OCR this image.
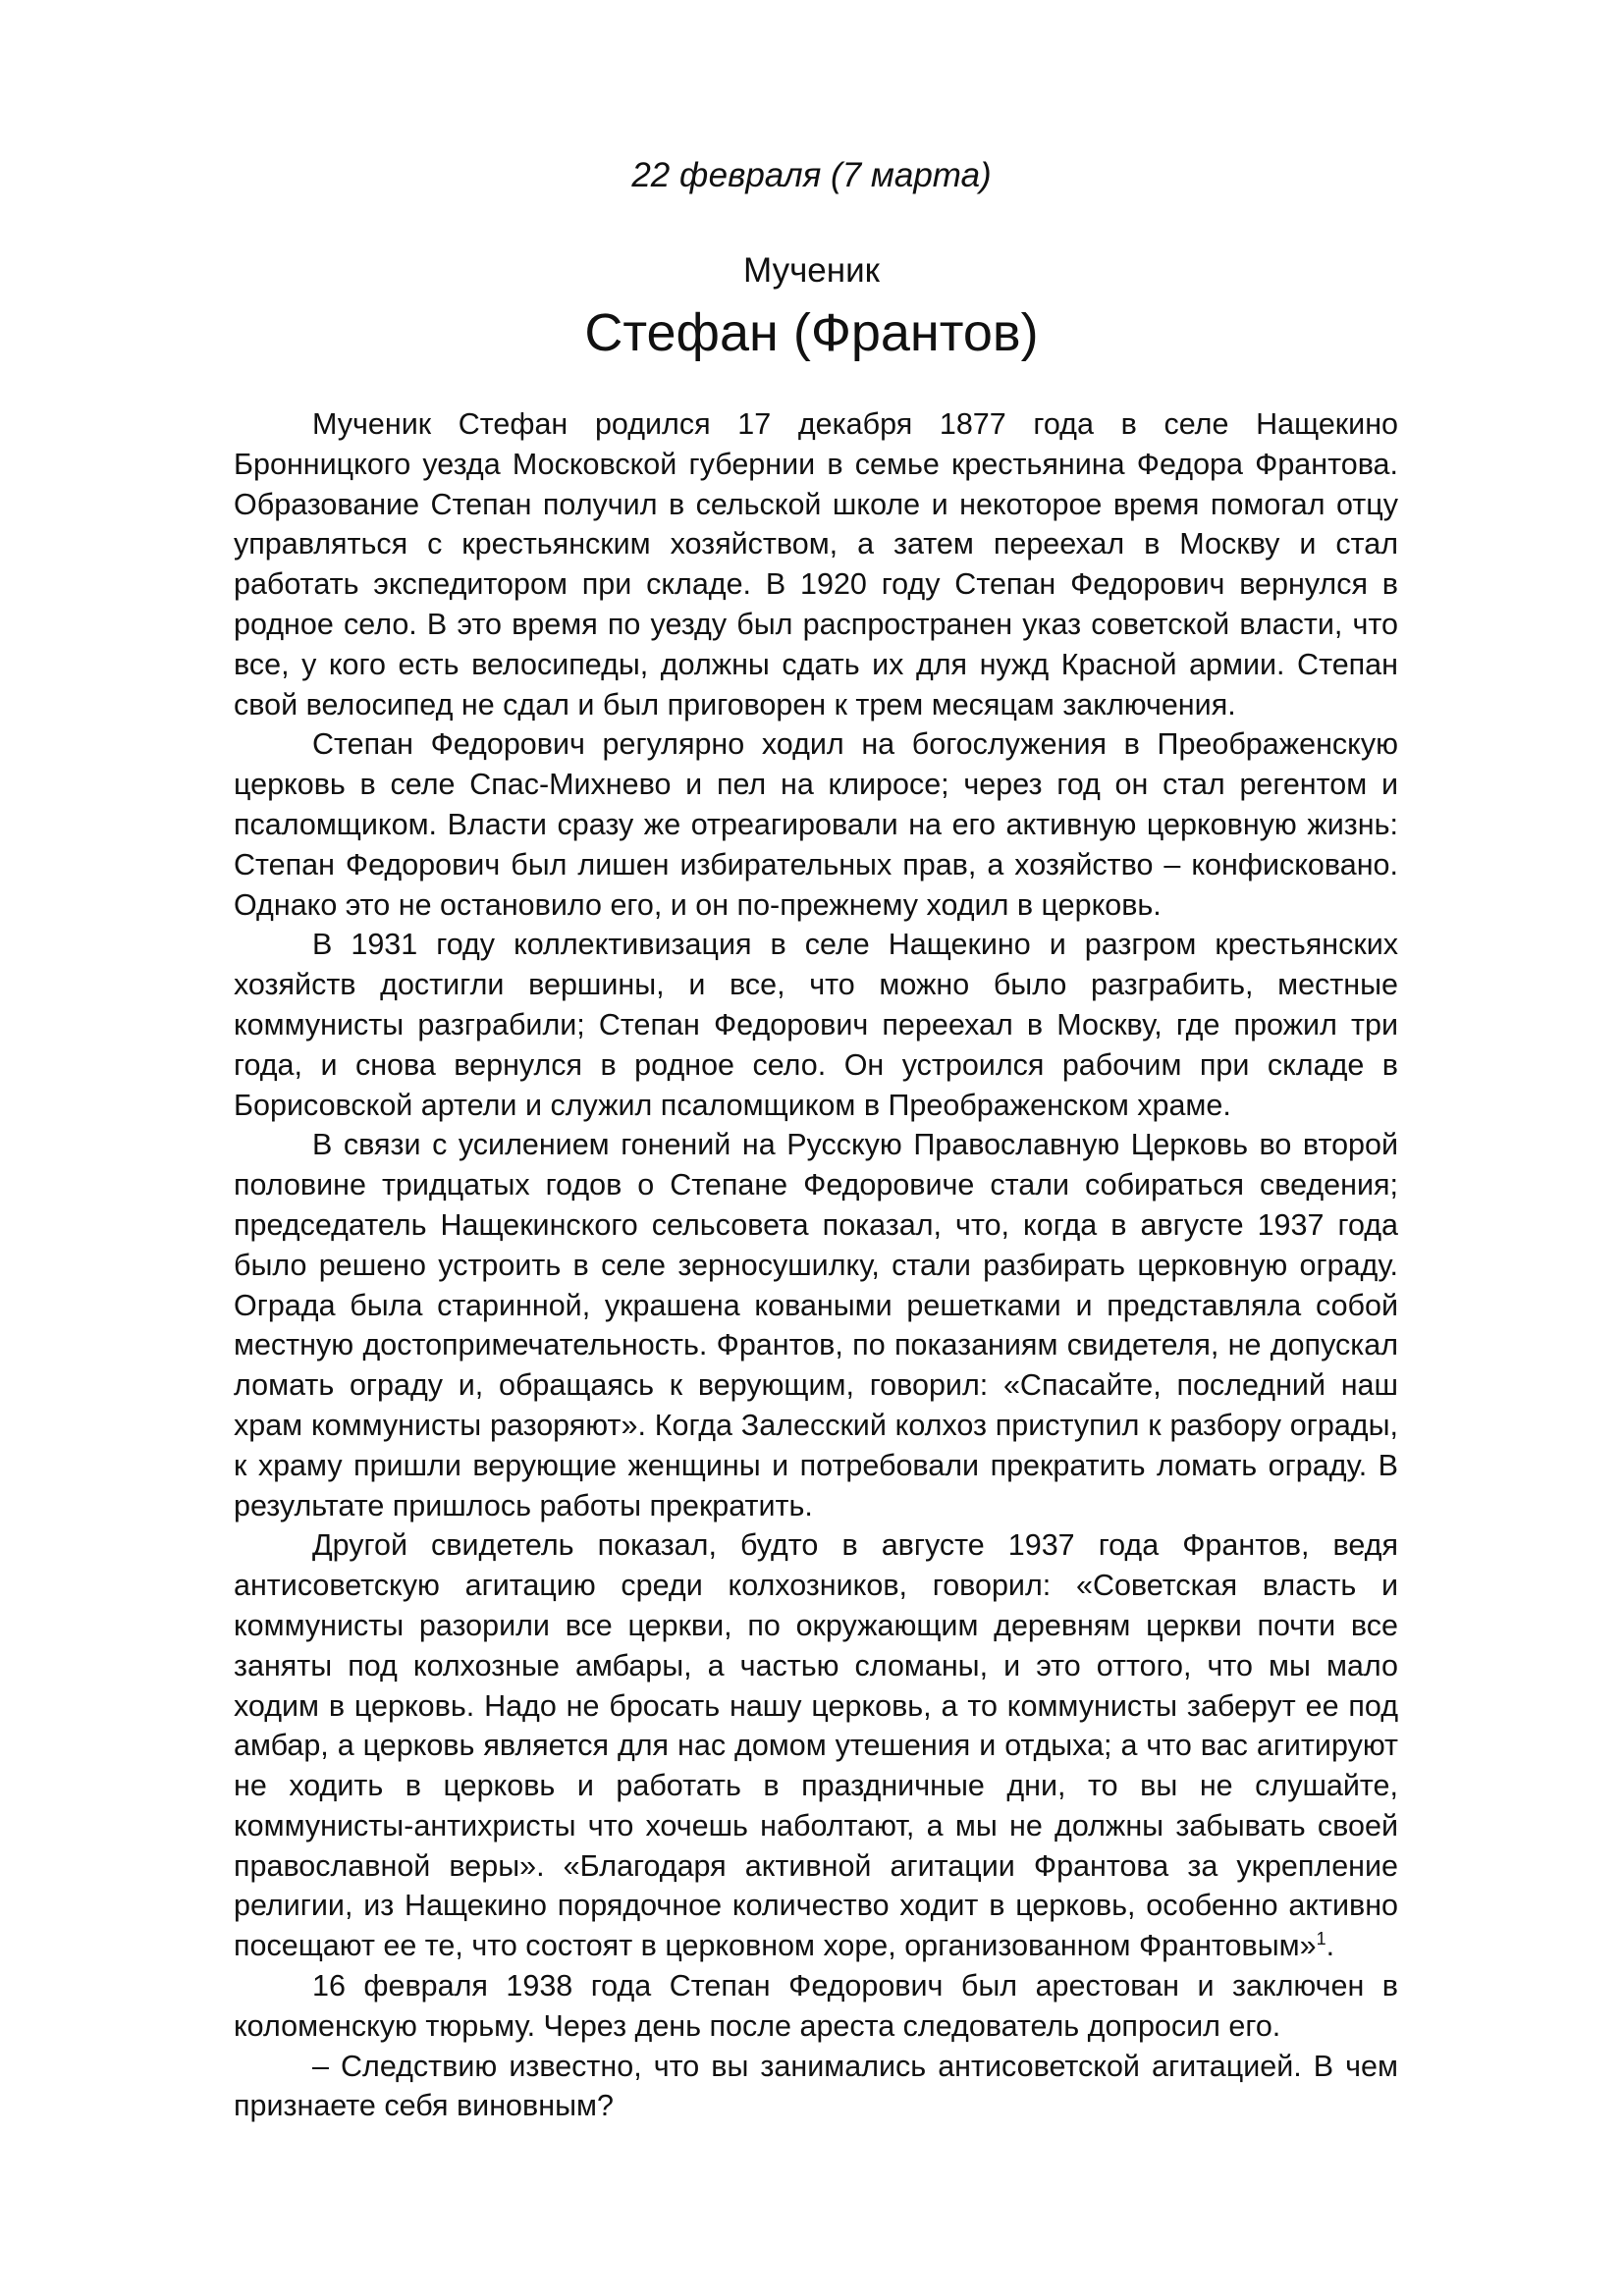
22 февраля (7 марта)
Мученик
Стефан (Франтов)

Мученик Стефан родился 17 декабря 1877 года в селе Нащекино Бронницкого уезда Московской губернии в семье крестьянина Федора Франтова. Образование Степан получил в сельской школе и некоторое время помогал отцу управляться с крестьянским хозяйством, а затем переехал в Москву и стал работать экспедитором при складе. В 1920 году Степан Федорович вернулся в родное село. В это время по уезду был распространен указ советской власти, что все, у кого есть велосипеды, должны сдать их для нужд Красной армии. Степан свой велосипед не сдал и был приговорен к трем месяцам заключения.

Степан Федорович регулярно ходил на богослужения в Преображенскую церковь в селе Спас-Михнево и пел на клиросе; через год он стал регентом и псаломщиком. Власти сразу же отреагировали на его активную церковную жизнь: Степан Федорович был лишен избирательных прав, а хозяйство – конфисковано. Однако это не остановило его, и он по-прежнему ходил в церковь.

В 1931 году коллективизация в селе Нащекино и разгром крестьянских хозяйств достигли вершины, и все, что можно было разграбить, местные коммунисты разграбили; Степан Федорович переехал в Москву, где прожил три года, и снова вернулся в родное село. Он устроился рабочим при складе в Борисовской артели и служил псаломщиком в Преображенском храме.

В связи с усилением гонений на Русскую Православную Церковь во второй половине тридцатых годов о Степане Федоровиче стали собираться сведения; председатель Нащекинского сельсовета показал, что, когда в августе 1937 года было решено устроить в селе зерносушилку, стали разбирать церковную ограду. Ограда была старинной, украшена коваными решетками и представляла собой местную достопримечательность. Франтов, по показаниям свидетеля, не допускал ломать ограду и, обращаясь к верующим, говорил: «Спасайте, последний наш храм коммунисты разоряют». Когда Залесский колхоз приступил к разбору ограды, к храму пришли верующие женщины и потребовали прекратить ломать ограду. В результате пришлось работы прекратить.

Другой свидетель показал, будто в августе 1937 года Франтов, ведя антисоветскую агитацию среди колхозников, говорил: «Советская власть и коммунисты разорили все церкви, по окружающим деревням церкви почти все заняты под колхозные амбары, а частью сломаны, и это оттого, что мы мало ходим в церковь. Надо не бросать нашу церковь, а то коммунисты заберут ее под амбар, а церковь является для нас домом утешения и отдыха; а что вас агитируют не ходить в церковь и работать в праздничные дни, то вы не слушайте, коммунисты-антихристы что хочешь наболтают, а мы не должны забывать своей православной веры». «Благодаря активной агитации Франтова за укрепление религии, из Нащекино порядочное количество ходит в церковь, особенно активно посещают ее те, что состоят в церковном хоре, организованном Франтовым»$^1$.

16 февраля 1938 года Степан Федорович был арестован и заключен в коломенскую тюрьму. Через день после ареста следователь допросил его.

– Следствию известно, что вы занимались антисоветской агитацией. В чем признаете себя виновным?
